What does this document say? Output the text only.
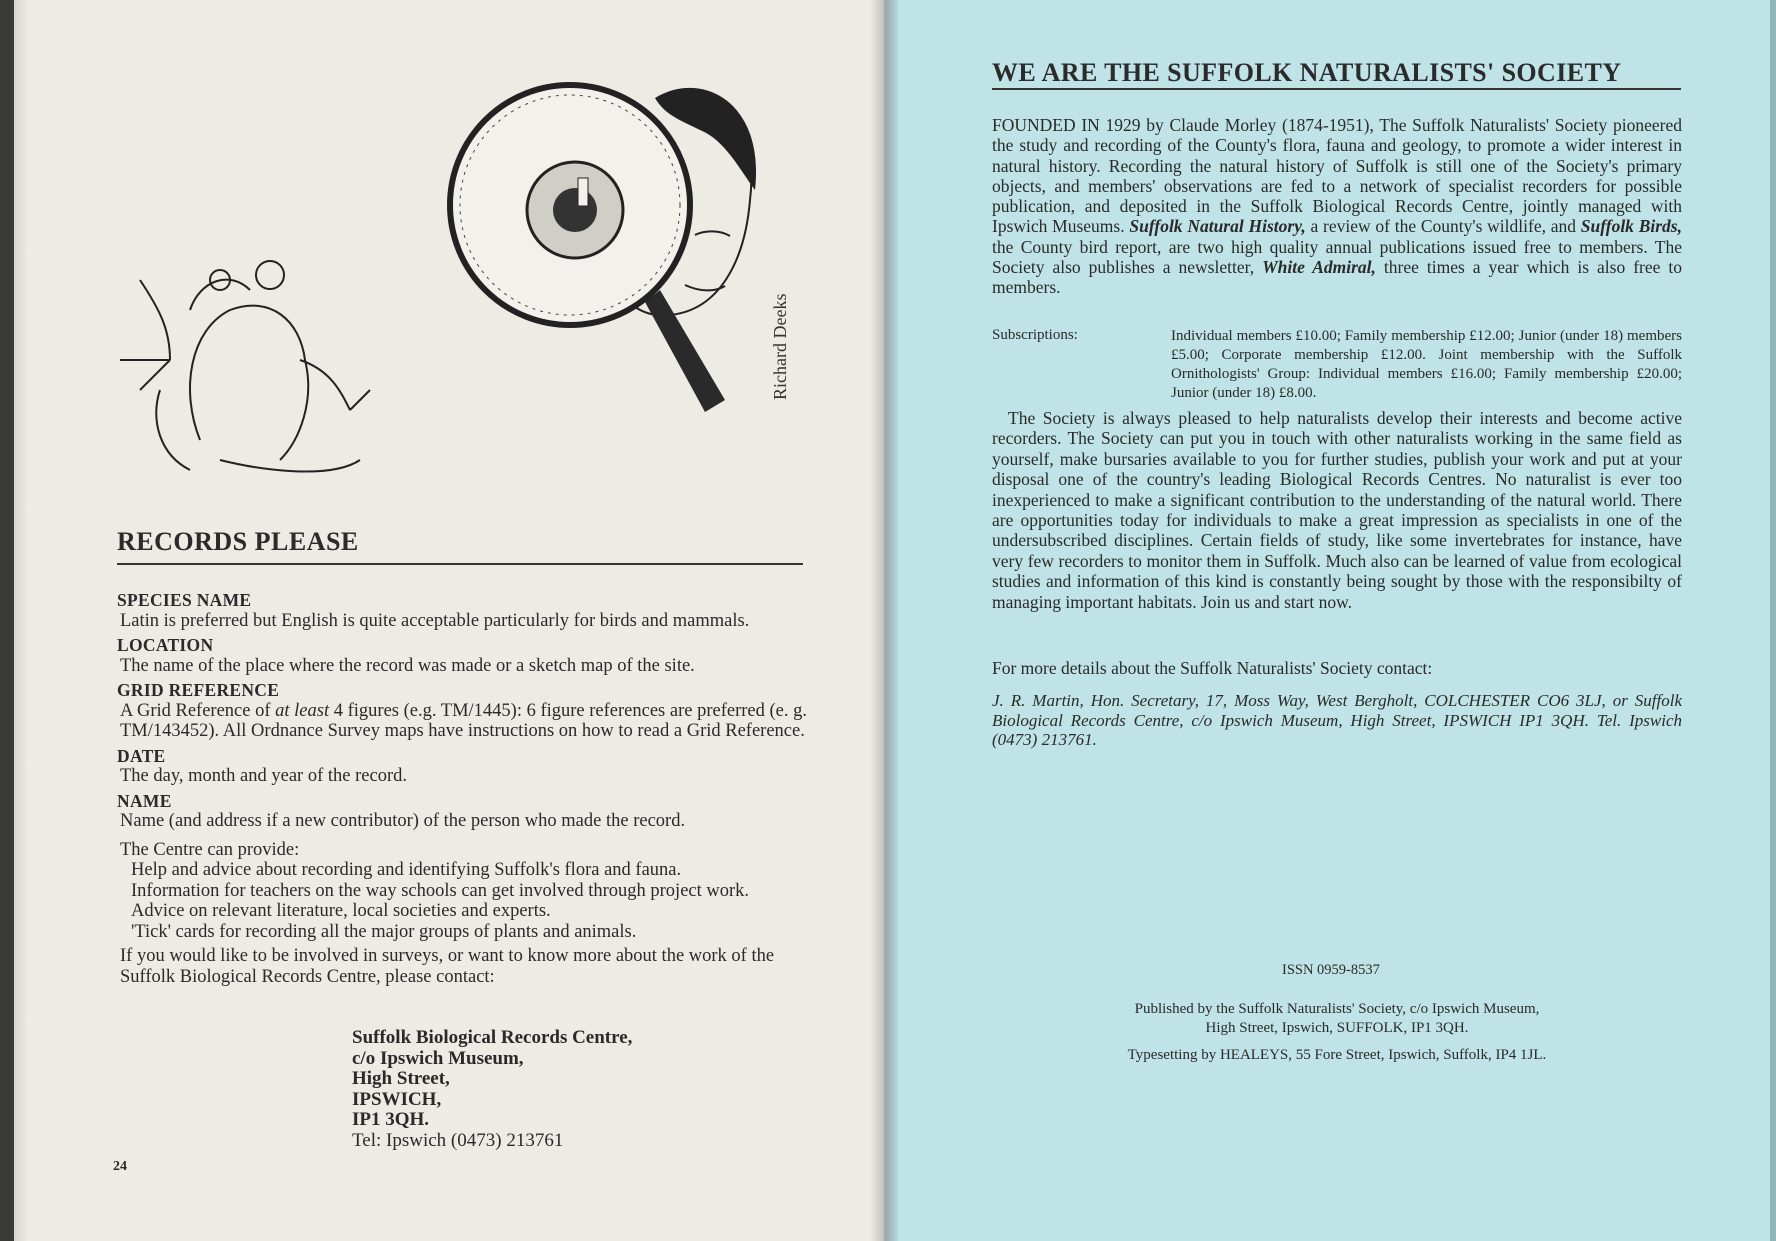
Richard Deeks
RECORDS PLEASE
SPECIES NAME
Latin is preferred but English is quite acceptable particularly for birds and mammals.
LOCATION
The name of the place where the record was made or a sketch map of the site.
GRID REFERENCE
A Grid Reference of at least 4 figures (e.g. TM/1445): 6 figure references are preferred (e. g. TM/143452). All Ordnance Survey maps have instructions on how to read a Grid Reference.
DATE
The day, month and year of the record.
NAME
Name (and address if a new contributor) of the person who made the record.
The Centre can provide:
Help and advice about recording and identifying Suffolk's flora and fauna.
Information for teachers on the way schools can get involved through project work.
Advice on relevant literature, local societies and experts.
'Tick' cards for recording all the major groups of plants and animals.
If you would like to be involved in surveys, or want to know more about the work of the Suffolk Biological Records Centre, please contact:
Suffolk Biological Records Centre,
c/o Ipswich Museum,
High Street,
IPSWICH,
IP1 3QH.
Tel: Ipswich (0473) 213761
24
WE ARE THE SUFFOLK NATURALISTS' SOCIETY
FOUNDED IN 1929 by Claude Morley (1874-1951), The Suffolk Naturalists' Society pioneered the study and recording of the County's flora, fauna and geology, to promote a wider interest in natural history. Recording the natural history of Suffolk is still one of the Society's primary objects, and members' observations are fed to a network of specialist recorders for possible publication, and deposited in the Suffolk Biological Records Centre, jointly managed with Ipswich Museums. Suffolk Natural History, a review of the County's wildlife, and Suffolk Birds, the County bird report, are two high quality annual publications issued free to members. The Society also publishes a newsletter, White Admiral, three times a year which is also free to members.
Subscriptions:	Individual members £10.00; Family membership £12.00; Junior (under 18) members £5.00; Corporate membership £12.00. Joint membership with the Suffolk Ornithologists' Group: Individual members £16.00; Family membership £20.00; Junior (under 18) £8.00.
The Society is always pleased to help naturalists develop their interests and become active recorders. The Society can put you in touch with other naturalists working in the same field as yourself, make bursaries available to you for further studies, publish your work and put at your disposal one of the country's leading Biological Records Centres. No naturalist is ever too inexperienced to make a significant contribution to the understanding of the natural world. There are opportunities today for individuals to make a great impression as specialists in one of the undersubscribed disciplines. Certain fields of study, like some invertebrates for instance, have very few recorders to monitor them in Suffolk. Much also can be learned of value from ecological studies and information of this kind is constantly being sought by those with the responsibilty of managing important habitats. Join us and start now.
For more details about the Suffolk Naturalists' Society contact:
J. R. Martin, Hon. Secretary, 17, Moss Way, West Bergholt, COLCHESTER CO6 3LJ, or Suffolk Biological Records Centre, c/o Ipswich Museum, High Street, IPSWICH IP1 3QH. Tel. Ipswich (0473) 213761.
ISSN 0959-8537
Published by the Suffolk Naturalists' Society, c/o Ipswich Museum,
High Street, Ipswich, SUFFOLK, IP1 3QH.
Typesetting by HEALEYS, 55 Fore Street, Ipswich, Suffolk, IP4 1JL.
